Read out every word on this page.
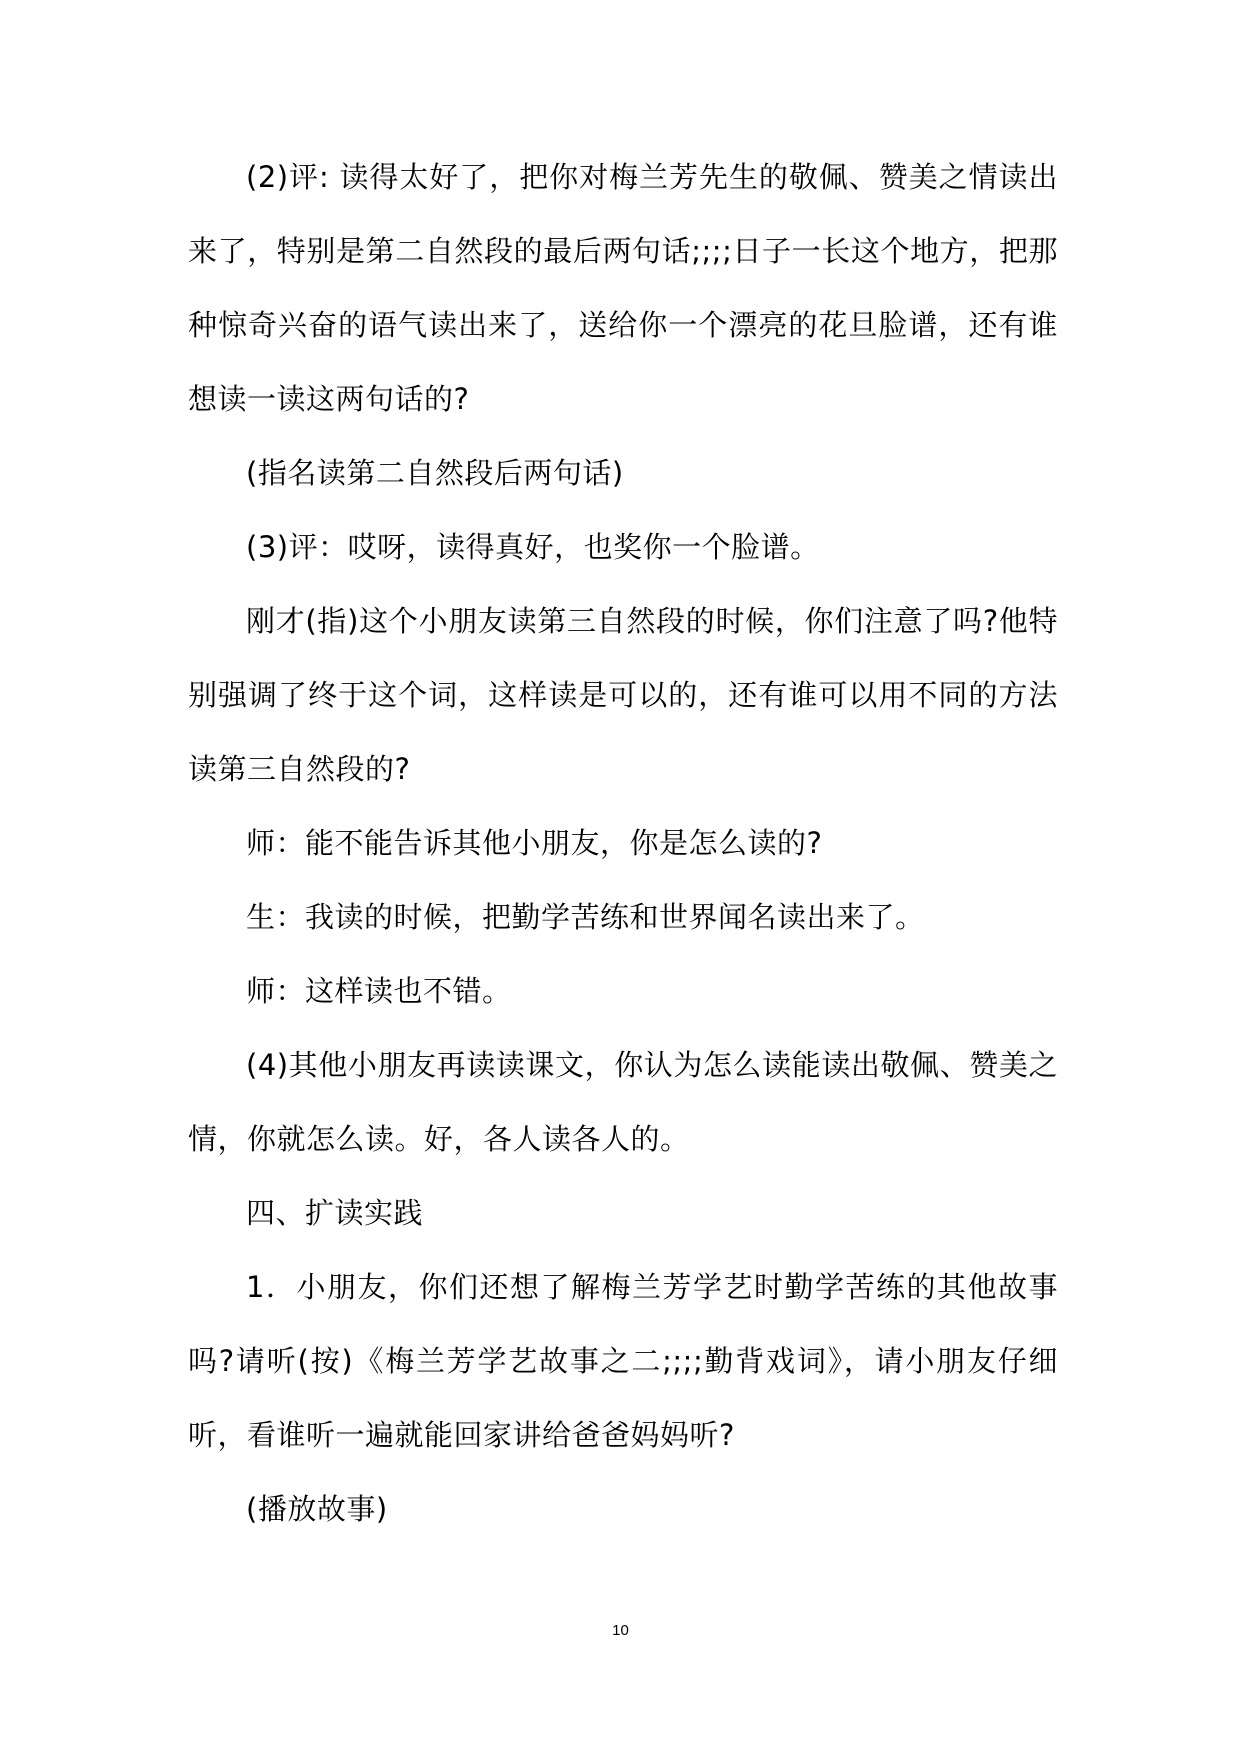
(2)评: 读得太好了，把你对梅兰芳先生的敬佩、赞美之情读出来了，特别是第二自然段的最后两句话;;;;日子一长这个地方，把那种惊奇兴奋的语气读出来了，送给你一个漂亮的花旦脸谱，还有谁想读一读这两句话的?

(指名读第二自然段后两句话)

(3)评：哎呀，读得真好，也奖你一个脸谱。

刚才(指)这个小朋友读第三自然段的时候，你们注意了吗?他特别强调了终于这个词，这样读是可以的，还有谁可以用不同的方法读第三自然段的?

师：能不能告诉其他小朋友，你是怎么读的?

生：我读的时候，把勤学苦练和世界闻名读出来了。

师：这样读也不错。

(4)其他小朋友再读读课文，你认为怎么读能读出敬佩、赞美之情，你就怎么读。好，各人读各人的。

四、扩读实践

1．小朋友，你们还想了解梅兰芳学艺时勤学苦练的其他故事吗?请听(按)《梅兰芳学艺故事之二;;;;勤背戏词》，请小朋友仔细听，看谁听一遍就能回家讲给爸爸妈妈听?

(播放故事)

10
